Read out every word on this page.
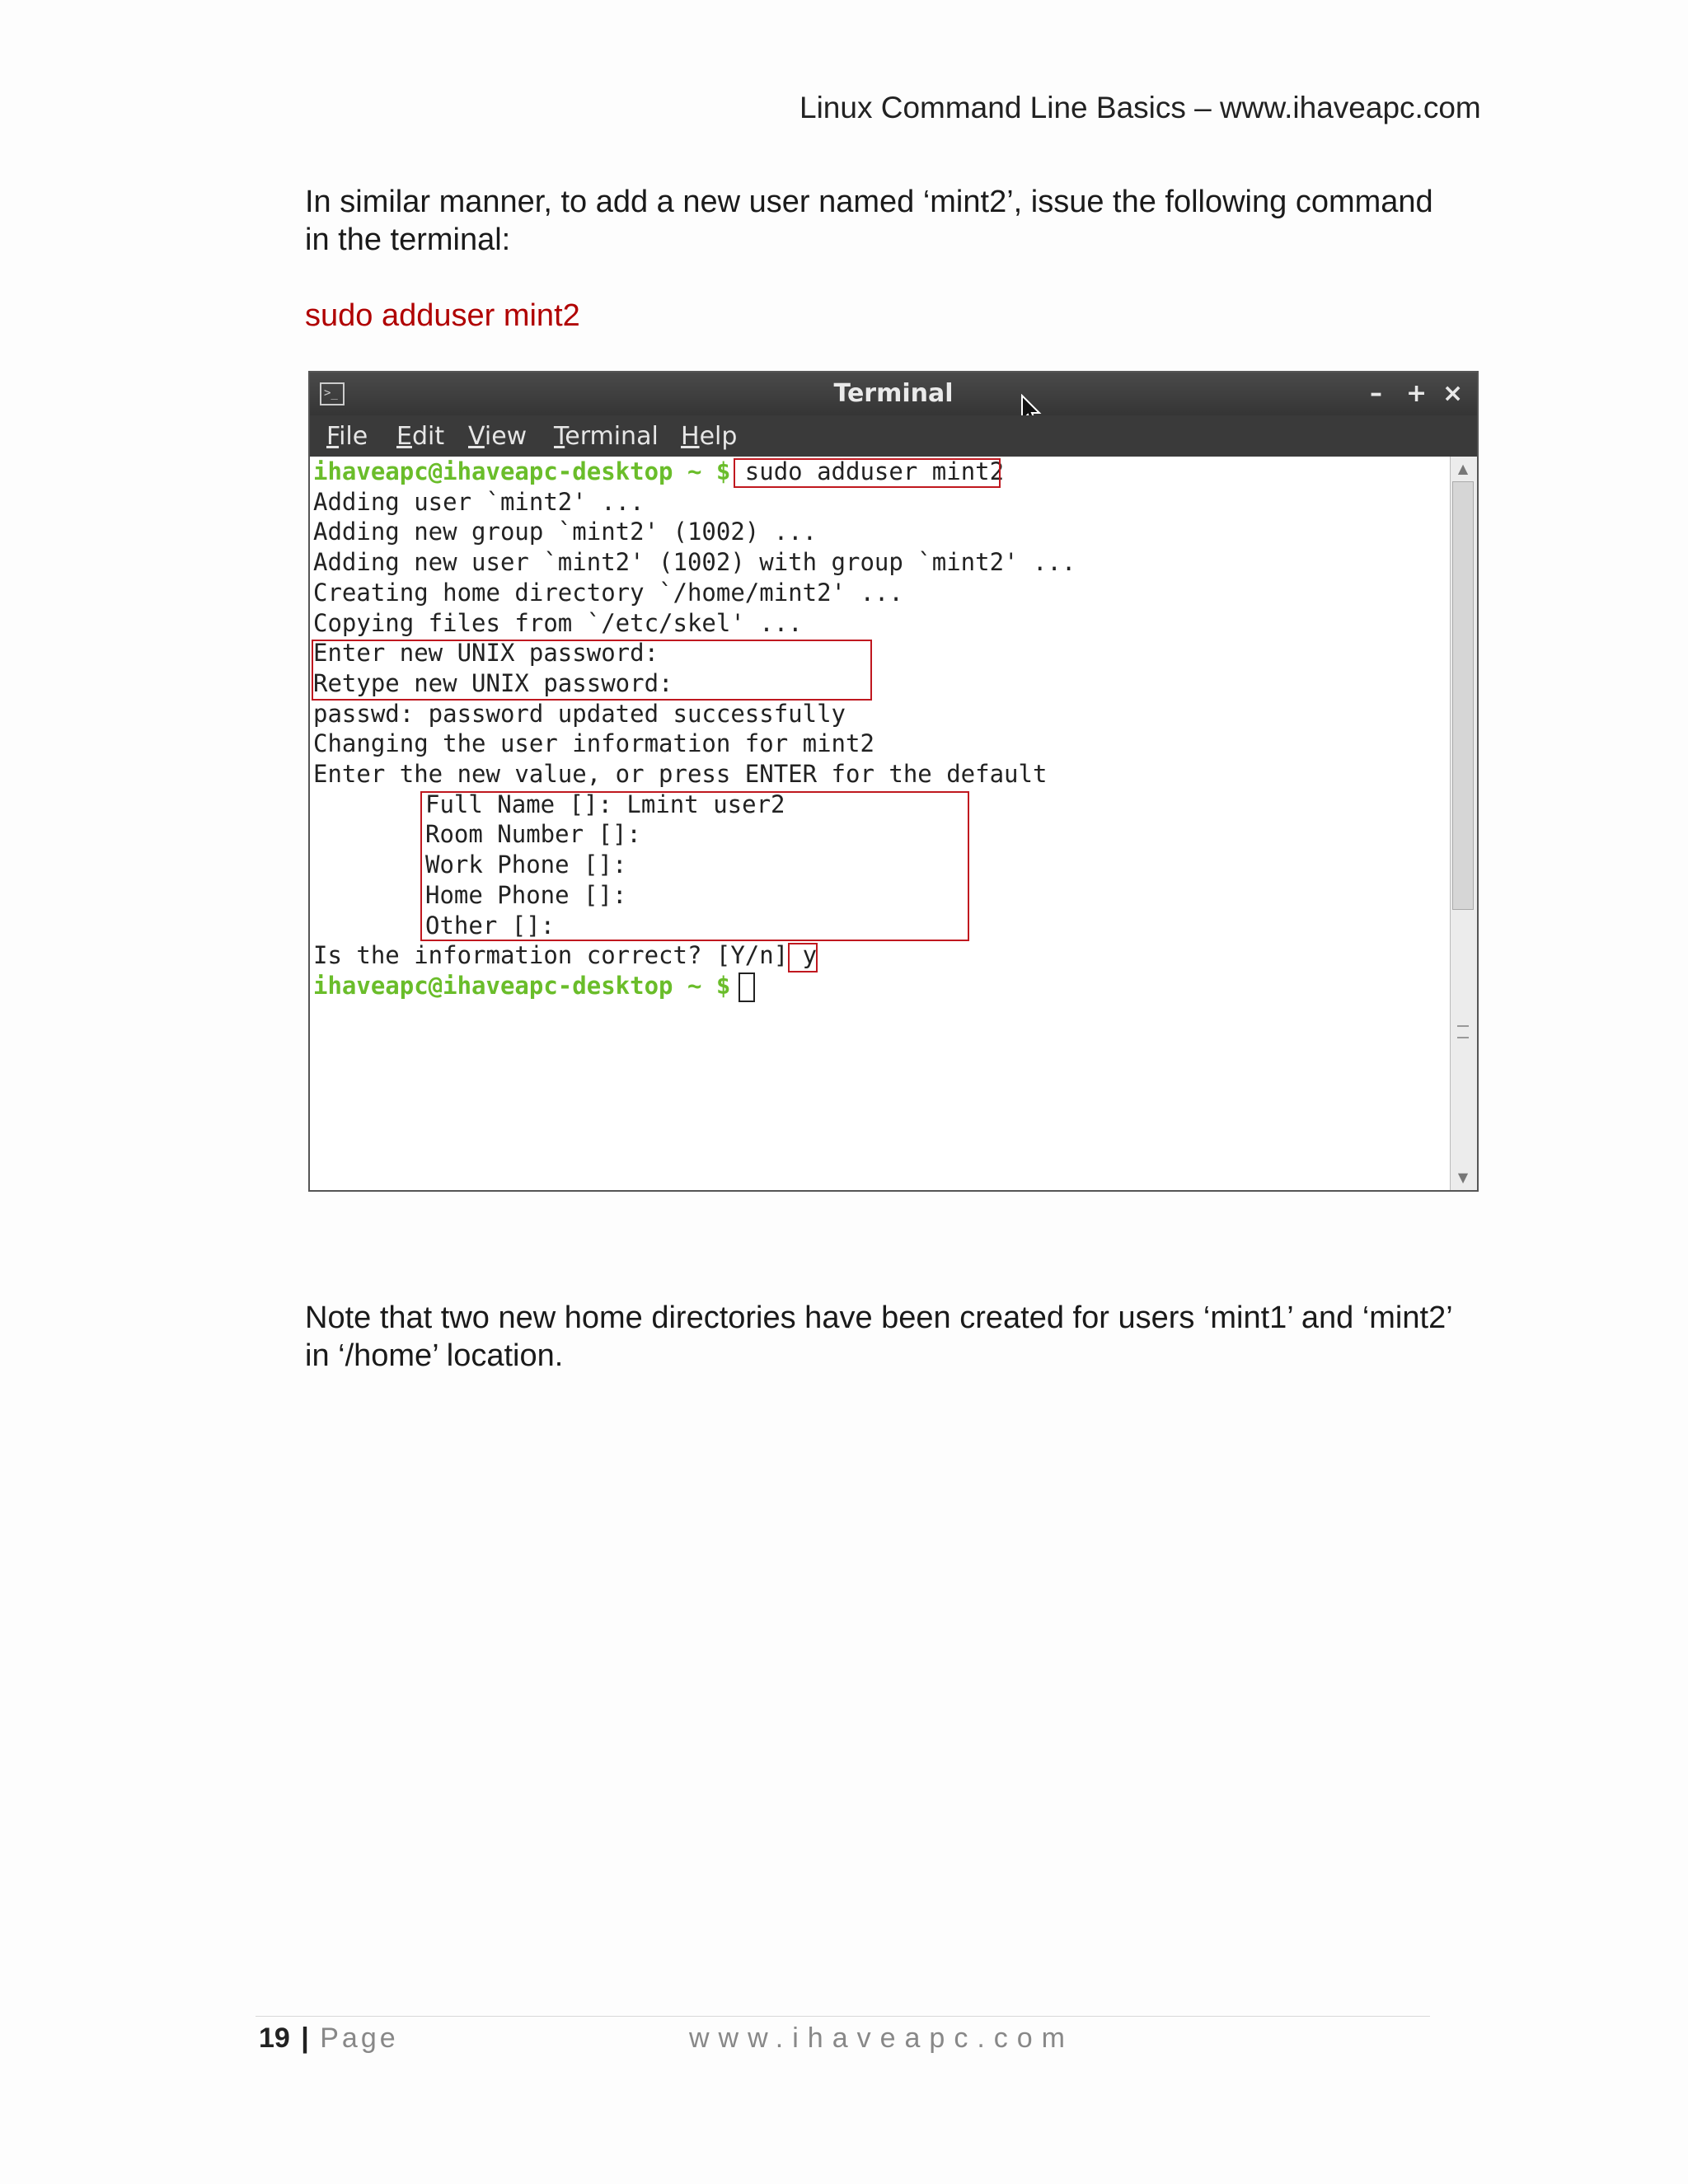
Linux Command Line Basics – www.ihaveapc.com
In similar manner, to add a new user named ‘mint2’, issue the following command
in the terminal:
sudo adduser mint2
>_	Terminal	– + ×
File Edit View Terminal Help
ihaveapc@ihaveapc-desktop ~ $ sudo adduser mint2
Adding user `mint2' ...
Adding new group `mint2' (1002) ...
Adding new user `mint2' (1002) with group `mint2' ...
Creating home directory `/home/mint2' ...
Copying files from `/etc/skel' ...
Enter new UNIX password:
Retype new UNIX password:
passwd: password updated successfully
Changing the user information for mint2
Enter the new value, or press ENTER for the default
Full Name []: Lmint user2
Room Number []:
Work Phone []:
Home Phone []:
Other []:
Is the information correct? [Y/n] y
ihaveapc@ihaveapc-desktop ~ $
▲
▼
Note that two new home directories have been created for users ‘mint1’ and ‘mint2’
in ‘/home’ location.
19 | Page	www.ihaveapc.com
